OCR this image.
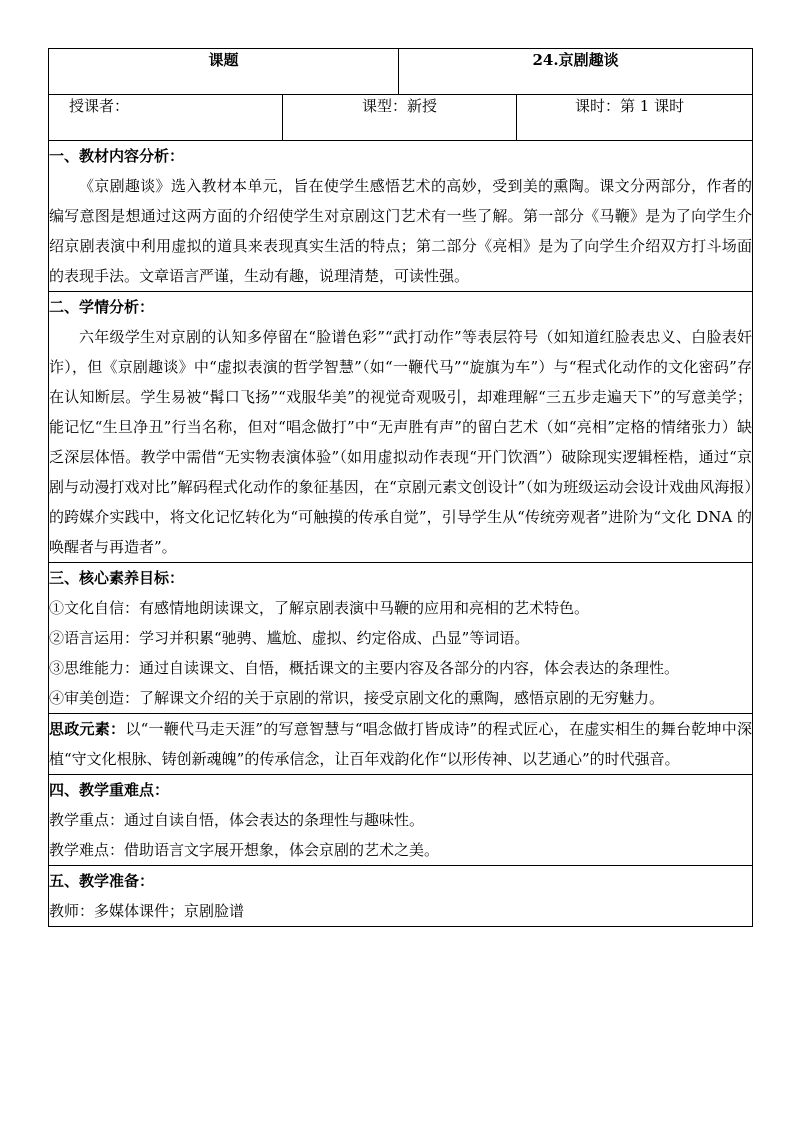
课题		24.京剧趣谈	
授课者：	课型：新授		课时：第 1 课时

一、教材内容分析：

《京剧趣谈》选入教材本单元，旨在使学生感悟艺术的高妙，受到美的熏陶。课文分两部分，作者的编写意图是想通过这两方面的介绍使学生对京剧这门艺术有一些了解。第一部分《马鞭》是为了向学生介绍京剧表演中利用虚拟的道具来表现真实生活的特点；第二部分《亮相》是为了向学生介绍双方打斗场面的表现手法。文章语言严谨，生动有趣，说理清楚，可读性强。			

二、学情分析：

六年级学生对京剧的认知多停留在“脸谱色彩”“武打动作”等表层符号（如知道红脸表忠义、白脸表奸诈），但《京剧趣谈》中“虚拟表演的哲学智慧”（如“一鞭代马”“旋旗为车”）与“程式化动作的文化密码”存在认知断层。学生易被“髯口飞扬”“戏服华美”的视觉奇观吸引，却难理解“三五步走遍天下”的写意美学；能记忆“生旦净丑”行当名称，但对“唱念做打”中“无声胜有声”的留白艺术（如“亮相”定格的情绪张力）缺乏深层体悟。教学中需借“无实物表演体验”（如用虚拟动作表现“开门饮酒”）破除现实逻辑桎梏，通过“京剧与动漫打戏对比”解码程式化动作的象征基因，在“京剧元素文创设计”（如为班级运动会设计戏曲风海报）的跨媒介实践中，将文化记忆转化为“可触摸的传承自觉”，引导学生从“传统旁观者”进阶为“文化 DNA 的唤醒者与再造者”。			

三、核心素养目标：

①文化自信：有感情地朗读课文，了解京剧表演中马鞭的应用和亮相的艺术特色。

②语言运用：学习并积累“驰骋、尴尬、虚拟、约定俗成、凸显”等词语。

③思维能力：通过自读课文、自悟，概括课文的主要内容及各部分的内容，体会表达的条理性。

④审美创造：了解课文介绍的关于京剧的常识，接受京剧文化的熏陶，感悟京剧的无穷魅力。			

思政元素：以“一鞭代马走天涯”的写意智慧与“唱念做打皆成诗”的程式匠心，在虚实相生的舞台乾坤中深植“守文化根脉、铸创新魂魄”的传承信念，让百年戏韵化作“以形传神、以艺通心”的时代强音。			

四、教学重难点：

教学重点：通过自读自悟，体会表达的条理性与趣味性。

教学难点：借助语言文字展开想象，体会京剧的艺术之美。			

五、教学准备：

教师：多媒体课件；京剧脸谱			
